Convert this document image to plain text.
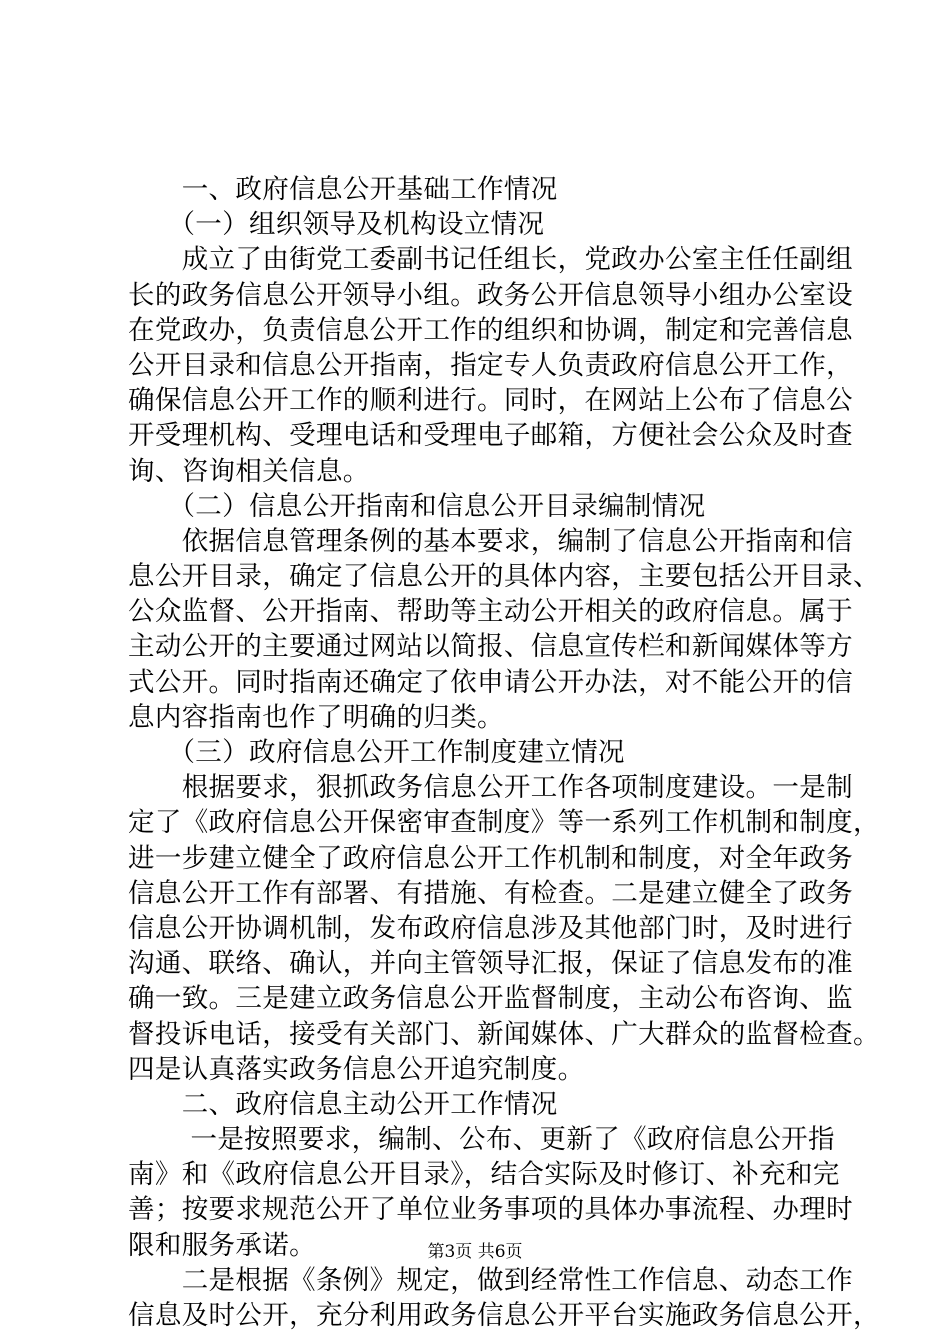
　　一、政府信息公开基础工作情况
　　（一）组织领导及机构设立情况
　　成立了由街党工委副书记任组长，党政办公室主任任副组
长的政务信息公开领导小组。政务公开信息领导小组办公室设
在党政办，负责信息公开工作的组织和协调，制定和完善信息
公开目录和信息公开指南，指定专人负责政府信息公开工作，
确保信息公开工作的顺利进行。同时，在网站上公布了信息公
开受理机构、受理电话和受理电子邮箱，方便社会公众及时查
询、咨询相关信息。
　　（二）信息公开指南和信息公开目录编制情况
　　依据信息管理条例的基本要求，编制了信息公开指南和信
息公开目录，确定了信息公开的具体内容，主要包括公开目录、
公众监督、公开指南、帮助等主动公开相关的政府信息。属于
主动公开的主要通过网站以简报、信息宣传栏和新闻媒体等方
式公开。同时指南还确定了依申请公开办法，对不能公开的信
息内容指南也作了明确的归类。
　　（三）政府信息公开工作制度建立情况
　　根据要求，狠抓政务信息公开工作各项制度建设。一是制
定了《政府信息公开保密审查制度》等一系列工作机制和制度，
进一步建立健全了政府信息公开工作机制和制度，对全年政务
信息公开工作有部署、有措施、有检查。二是建立健全了政务
信息公开协调机制，发布政府信息涉及其他部门时，及时进行
沟通、联络、确认，并向主管领导汇报，保证了信息发布的准
确一致。三是建立政务信息公开监督制度，主动公布咨询、监
督投诉电话，接受有关部门、新闻媒体、广大群众的监督检查。
四是认真落实政务信息公开追究制度。
　　二、政府信息主动公开工作情况
　　 一是按照要求，编制、公布、更新了《政府信息公开指
南》和《政府信息公开目录》，结合实际及时修订、补充和完
善；按要求规范公开了单位业务事项的具体办事流程、办理时
限和服务承诺。
　　二是根据《条例》规定，做到经常性工作信息、动态工作
信息及时公开，充分利用政务信息公开平台实施政务信息公开，
第3页 共6页
